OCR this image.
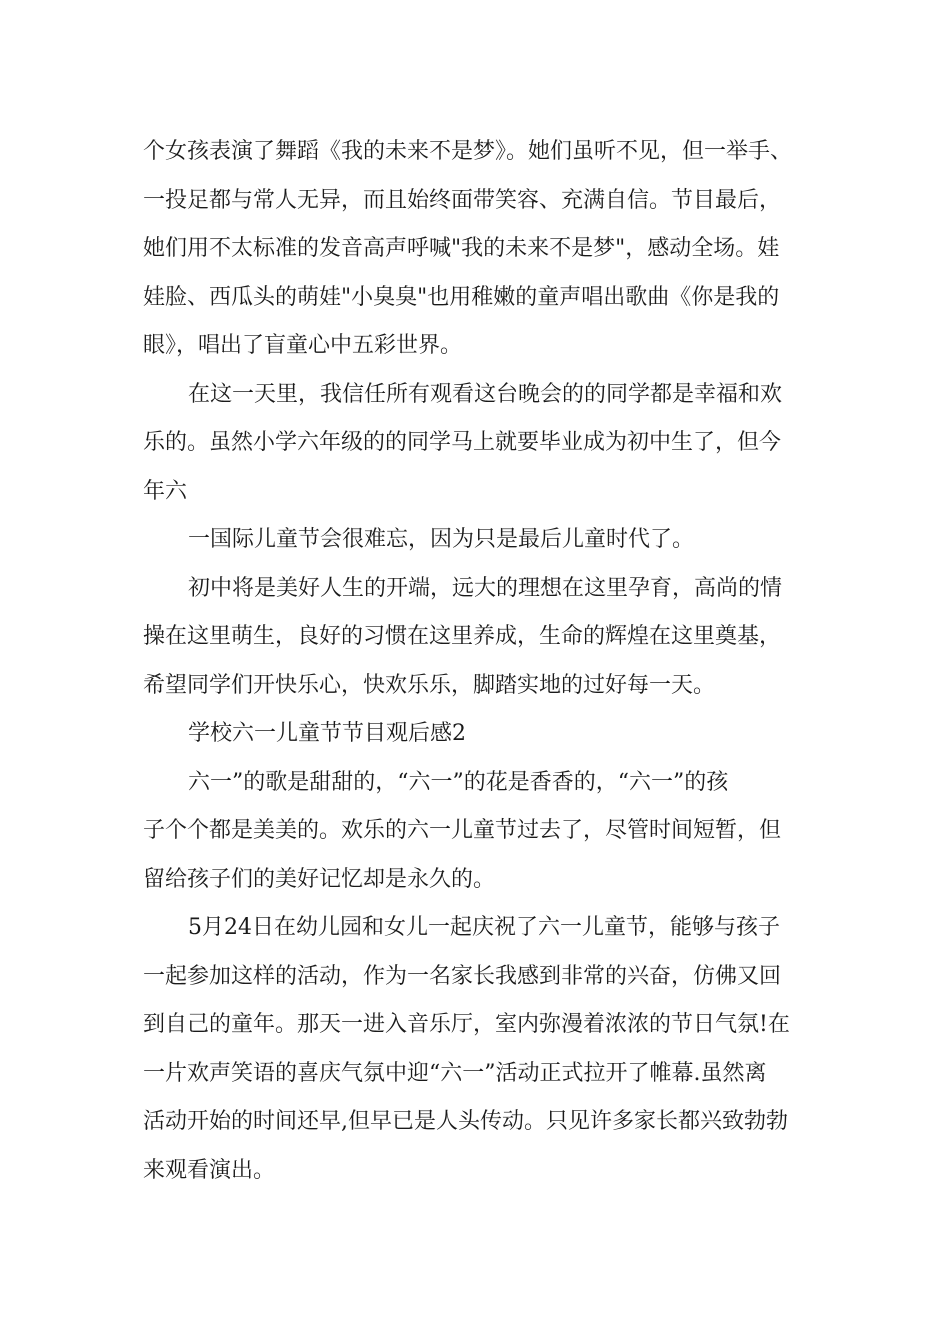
个女孩表演了舞蹈《我的未来不是梦》。她们虽听不见，但一举手、
一投足都与常人无异，而且始终面带笑容、充满自信。节目最后，
她们用不太标准的发音高声呼喊"我的未来不是梦"，感动全场。娃
娃脸、西瓜头的萌娃"小臭臭"也用稚嫩的童声唱出歌曲《你是我的
眼》，唱出了盲童心中五彩世界。
在这一天里，我信任所有观看这台晚会的的同学都是幸福和欢
乐的。虽然小学六年级的的同学马上就要毕业成为初中生了，但今
年六
一国际儿童节会很难忘，因为只是最后儿童时代了。
初中将是美好人生的开端，远大的理想在这里孕育，高尚的情
操在这里萌生，良好的习惯在这里养成，生命的辉煌在这里奠基，
希望同学们开快乐心，快欢乐乐，脚踏实地的过好每一天。
学校六一儿童节节目观后感2
六一”的歌是甜甜的，“六一”的花是香香的，“六一”的孩
子个个都是美美的。欢乐的六一儿童节过去了，尽管时间短暂，但
留给孩子们的美好记忆却是永久的。
5月24日在幼儿园和女儿一起庆祝了六一儿童节，能够与孩子
一起参加这样的活动，作为一名家长我感到非常的兴奋，仿佛又回
到自己的童年。那天一进入音乐厅，室内弥漫着浓浓的节日气氛!在
一片欢声笑语的喜庆气氛中迎“六一”活动正式拉开了帷幕.虽然离
活动开始的时间还早,但早已是人头传动。只见许多家长都兴致勃勃
来观看演出。
